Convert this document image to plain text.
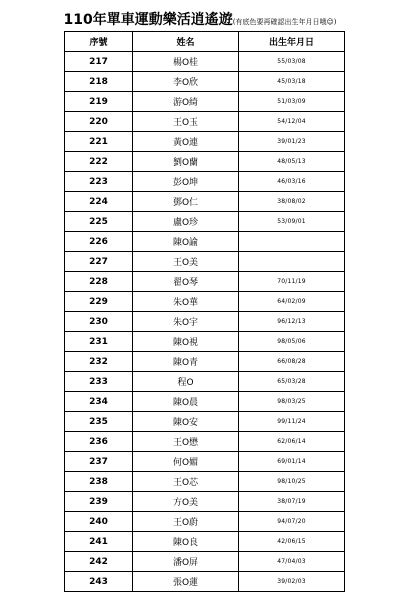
110年單車運動樂活逍遙遊(有底色要再確認出生年月日哦☺)
序號	姓名	出生年月日
217	楊O桂	55/03/08
218	李O欣	45/03/18
219	游O綺	51/03/09
220	王O玉	54/12/04
221	黃O連	39/01/23
222	劉O蘭	48/05/13
223	彭O坤	46/03/16
224	鄧O仁	38/08/02
225	盧O珍	53/09/01
226	陳O諭	
227	王O美	
228	翟O琴	70/11/19
229	朱O華	64/02/09
230	朱O宇	96/12/13
231	陳O視	98/05/06
232	陳O青	66/08/28
233	程O	65/03/28
234	陳O晨	98/03/25
235	陳O安	99/11/24
236	王O懋	62/06/14
237	何O媚	69/01/14
238	王O芯	98/10/25
239	方O美	38/07/19
240	王O蔚	94/07/20
241	陳O良	42/06/15
242	潘O屏	47/04/03
243	張O蓮	39/02/03
